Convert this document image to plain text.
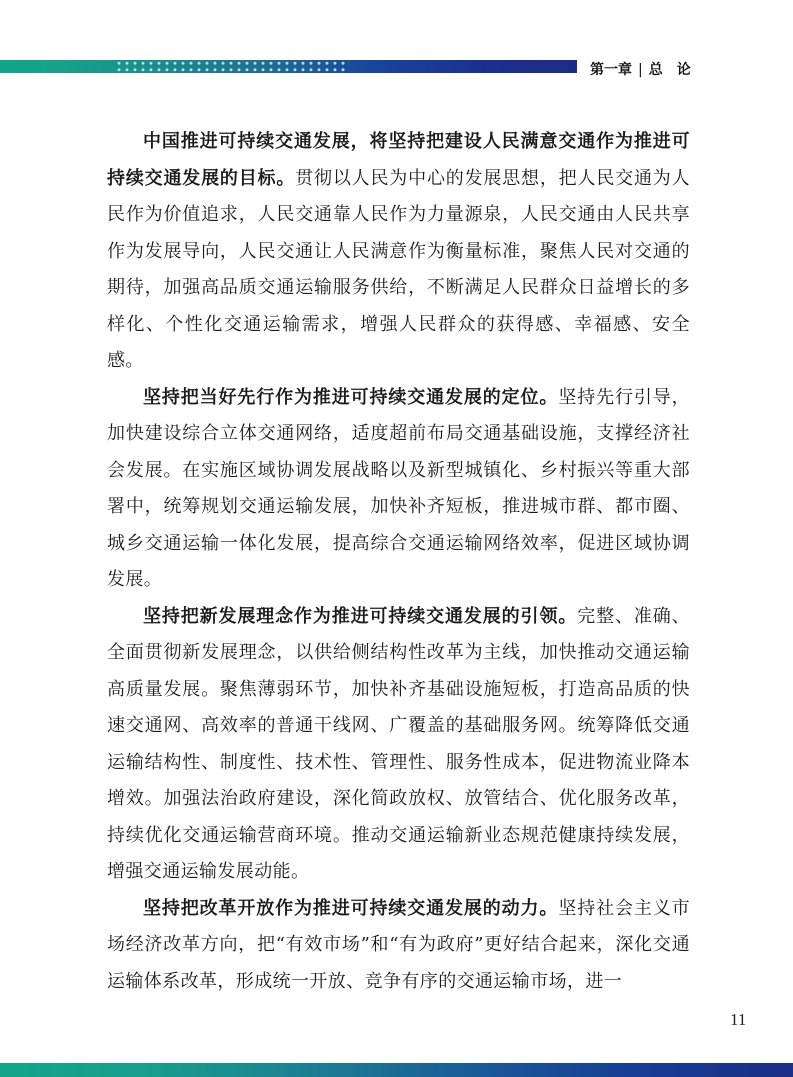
第一章 | 总　论

中国推进可持续交通发展，将坚持把建设人民满意交通作为推进可持续交通发展的目标。贯彻以人民为中心的发展思想，把人民交通为人民作为价值追求，人民交通靠人民作为力量源泉，人民交通由人民共享作为发展导向，人民交通让人民满意作为衡量标准，聚焦人民对交通的期待，加强高品质交通运输服务供给，不断满足人民群众日益增长的多样化、个性化交通运输需求，增强人民群众的获得感、幸福感、安全感。

坚持把当好先行作为推进可持续交通发展的定位。坚持先行引导，加快建设综合立体交通网络，适度超前布局交通基础设施，支撑经济社会发展。在实施区域协调发展战略以及新型城镇化、乡村振兴等重大部署中，统筹规划交通运输发展，加快补齐短板，推进城市群、都市圈、城乡交通运输一体化发展，提高综合交通运输网络效率，促进区域协调发展。

坚持把新发展理念作为推进可持续交通发展的引领。完整、准确、全面贯彻新发展理念，以供给侧结构性改革为主线，加快推动交通运输高质量发展。聚焦薄弱环节，加快补齐基础设施短板，打造高品质的快速交通网、高效率的普通干线网、广覆盖的基础服务网。统筹降低交通运输结构性、制度性、技术性、管理性、服务性成本，促进物流业降本增效。加强法治政府建设，深化简政放权、放管结合、优化服务改革，持续优化交通运输营商环境。推动交通运输新业态规范健康持续发展，增强交通运输发展动能。

坚持把改革开放作为推进可持续交通发展的动力。坚持社会主义市场经济改革方向，把“有效市场”和“有为政府”更好结合起来，深化交通运输体系改革，形成统一开放、竞争有序的交通运输市场，进一

11
